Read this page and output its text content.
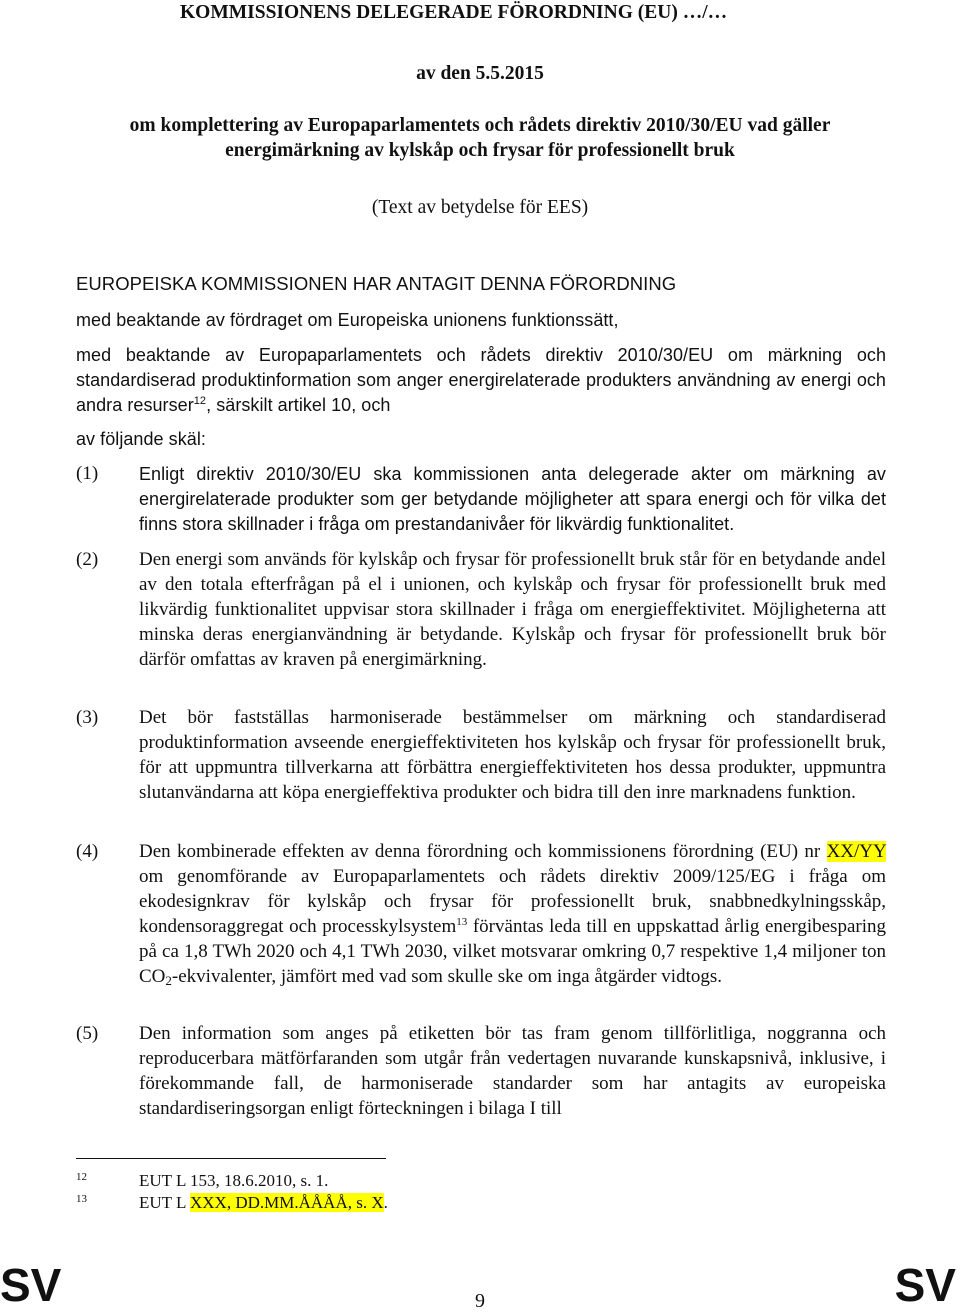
KOMMISSIONENS DELEGERADE FÖRORDNING (EU) …/…
av den 5.5.2015
om komplettering av Europaparlamentets och rådets direktiv 2010/30/EU vad gäller
energimärkning av kylskåp och frysar för professionellt bruk
(Text av betydelse för EES)
EUROPEISKA KOMMISSIONEN HAR ANTAGIT DENNA FÖRORDNING
med beaktande av fördraget om Europeiska unionens funktionssätt,
med beaktande av Europaparlamentets och rådets direktiv 2010/30/EU om märkning och standardiserad produktinformation som anger energirelaterade produkters användning av energi och andra resurser$^{12}$, särskilt artikel 10, och
av följande skäl:
(1)	Enligt direktiv 2010/30/EU ska kommissionen anta delegerade akter om märkning av energirelaterade produkter som ger betydande möjligheter att spara energi och för vilka det finns stora skillnader i fråga om prestandanivåer för likvärdig funktionalitet.
(2)	Den energi som används för kylskåp och frysar för professionellt bruk står för en betydande andel av den totala efterfrågan på el i unionen, och kylskåp och frysar för professionellt bruk med likvärdig funktionalitet uppvisar stora skillnader i fråga om energieffektivitet. Möjligheterna att minska deras energianvändning är betydande. Kylskåp och frysar för professionellt bruk bör därför omfattas av kraven på energimärkning.
(3)	Det bör fastställas harmoniserade bestämmelser om märkning och standardiserad produktinformation avseende energieffektiviteten hos kylskåp och frysar för professionellt bruk, för att uppmuntra tillverkarna att förbättra energieffektiviteten hos dessa produkter, uppmuntra slutanvändarna att köpa energieffektiva produkter och bidra till den inre marknadens funktion.
(4)	Den kombinerade effekten av denna förordning och kommissionens förordning (EU) nr XX/YY om genomförande av Europaparlamentets och rådets direktiv 2009/125/EG i fråga om ekodesignkrav för kylskåp och frysar för professionellt bruk, snabbnedkylningsskåp, kondensoraggregat och processkylsystem$^{13}$ förväntas leda till en uppskattad årlig energibesparing på ca 1,8 TWh 2020 och 4,1 TWh 2030, vilket motsvarar omkring 0,7 respektive 1,4 miljoner ton $CO_2$-ekvivalenter, jämfört med vad som skulle ske om inga åtgärder vidtogs.
(5)	Den information som anges på etiketten bör tas fram genom tillförlitliga, noggranna och reproducerbara mätförfaranden som utgår från vedertagen nuvarande kunskapsnivå, inklusive, i förekommande fall, de harmoniserade standarder som har antagits av europeiska standardiseringsorgan enligt förteckningen i bilaga I till
12	EUT L 153, 18.6.2010, s. 1.
13	EUT L XXX, DD.MM.ÅÅÅÅ, s. X.
SV	9	SV
